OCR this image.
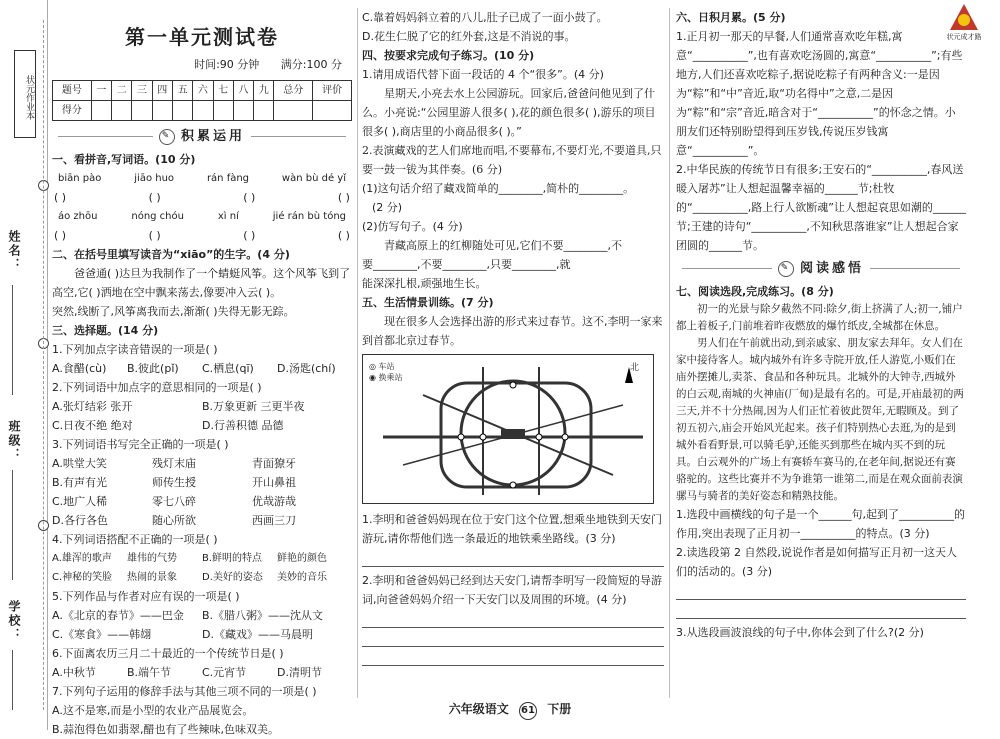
状元作业本
姓名：
班级：
学校：
第一单元测试卷
时间:90 分钟 满分:100 分
题号	一	二	三	四	五	六	七	八	九	总分	评价
得分											
✎ 积累运用
一、看拼音,写词语。(10 分)
biān pào	jiāo huo	rán fàng	wàn bù dé yǐ
( )	( )	( )	( )
áo zhōu	nóng chóu	xì ní	jié rán bù tóng
( )	( )	( )	( )
二、在括号里填写读音为“xiāo”的生字。(4 分)
爸爸通( )达旦为我制作了一个蜻蜓风筝。这个风筝飞到了高空,它( )洒地在空中飘来荡去,像要冲入云( )。
突然,线断了,风筝离我而去,渐渐( )失得无影无踪。
三、选择题。(14 分)
1.下列加点字读音错误的一项是( )
A.食醋(cù)	B.彼此(pǐ)	C.栖息(qī)	D.汤匙(chí)
2.下列词语中加点字的意思相同的一项是( )
A.张灯结彩 张开	B.万象更新 三更半夜
C.日夜不绝 绝对	D.行善积德 品德
3.下列词语书写完全正确的一项是( )
A.哄堂大笑	残灯末庙	青面獠牙
B.有声有光	师传生授	开山鼻祖
C.地广人稀	零七八碎	优哉游哉
D.各行各色	随心所欲	西画三刀
4.下列词语搭配不正确的一项是( )
A.雄浑的歌声	雄伟的气势	B.鲜明的特点	鲜艳的颜色
C.神秘的笑脸	热闹的景象	D.美好的姿态	美妙的音乐
5.下列作品与作者对应有误的一项是( )
A.《北京的春节》——巴金	B.《腊八粥》——沈从文
C.《寒食》——韩翃	D.《藏戏》——马晨明
6.下面离农历三月二十最近的一个传统节日是( )
A.中秋节	B.端午节	C.元宵节	D.清明节
7.下列句子运用的修辞手法与其他三项不同的一项是( )
A.这不是寒,而是小型的农业产品展览会。
B.蒜泡得色如翡翠,醋也有了些辣味,色味双美。
C.靠着妈妈斜立着的八儿,肚子已成了一面小鼓了。
D.花生仁脱了它的红外套,这是不消说的事。
四、按要求完成句子练习。(10 分)
1.请用成语代替下面一段话的 4 个“很多”。(4 分)
星期天,小亮去水上公园游玩。回家后,爸爸问他见到了什么。小亮说:“公园里游人很多( ),花的颜色很多( ),游乐的项目很多( ),商店里的小商品很多( )。”
2.表演藏戏的艺人们席地而唱,不要幕布,不要灯光,不要道具,只要一鼓一钹为其伴奏。(6 分)
(1)这句话介绍了藏戏简单的________,简朴的________。
(2 分)
(2)仿写句子。(4 分)
青藏高原上的红柳随处可见,它们不要________,不
要________,不要________,只要________,就
能深深扎根,顽强地生长。
五、生活情景训练。(7 分)
现在很多人会选择出游的形式来过春节。这不,李明一家来到首都北京过春节。
◎ 车站
◉ 换乘站
北
1.李明和爸爸妈妈现在位于安门这个位置,想乘坐地铁到天安门游玩,请你帮他们选一条最近的地铁乘坐路线。(3 分)
2.李明和爸爸妈妈已经到达天安门,请帮李明写一段简短的导游词,向爸爸妈妈介绍一下天安门以及周围的环境。(4 分)
六、日积月累。(5 分)
1.正月初一那天的早餐,人们通常喜欢吃年糕,寓意“__________”,也有喜欢吃汤圆的,寓意“__________”;有些地方,人们还喜欢吃粽子,据说吃粽子有两种含义:一是因为“粽”和“中”音近,取“功名得中”之意,二是因为“粽”和“宗”音近,暗含对于“__________”的怀念之情。小朋友们还特别盼望得到压岁钱,传说压岁钱寓意“__________”。
2.中华民族的传统节日有很多;王安石的“__________,春风送暖入屠苏”让人想起温馨幸福的______节;杜牧的“__________,路上行人欲断魂”让人想起哀思如潮的______节;王建的诗句“__________,不知秋思落谁家”让人想起合家团圆的______节。
✎ 阅读感悟
七、阅读选段,完成练习。(8 分)
初一的光景与除夕截然不同:除夕,街上挤满了人;初一,铺户都上着板子,门前堆着昨夜燃放的爆竹纸皮,全城都在休息。
男人们在午前就出动,到亲戚家、朋友家去拜年。女人们在家中接待客人。城内城外有许多寺院开放,任人游览,小贩们在庙外摆摊儿,卖茶、食品和各种玩具。北城外的大钟寺,西城外的白云观,南城的火神庙(厂甸)是最有名的。可是,开庙最初的两三天,并不十分热闹,因为人们正忙着彼此贺年,无暇顾及。到了初五初六,庙会开始风光起来。孩子们特别热心去逛,为的是到城外看看野景,可以骑毛驴,还能买到那些在城内买不到的玩具。白云观外的广场上有赛轿车赛马的,在老年间,据说还有赛骆驼的。这些比赛并不为争谁第一谁第二,而是在观众面前表演骡马与骑者的美好姿态和精熟技能。
1.选段中画横线的句子是一个______句,起到了__________的作用,突出表现了正月初一__________的特点。(3 分)
2.读选段第 2 自然段,说说作者是如何描写正月初一这天人们的活动的。(3 分)
3.从选段画波浪线的句子中,你体会到了什么?(2 分)
状元成才路
六年级语文 61 下册
